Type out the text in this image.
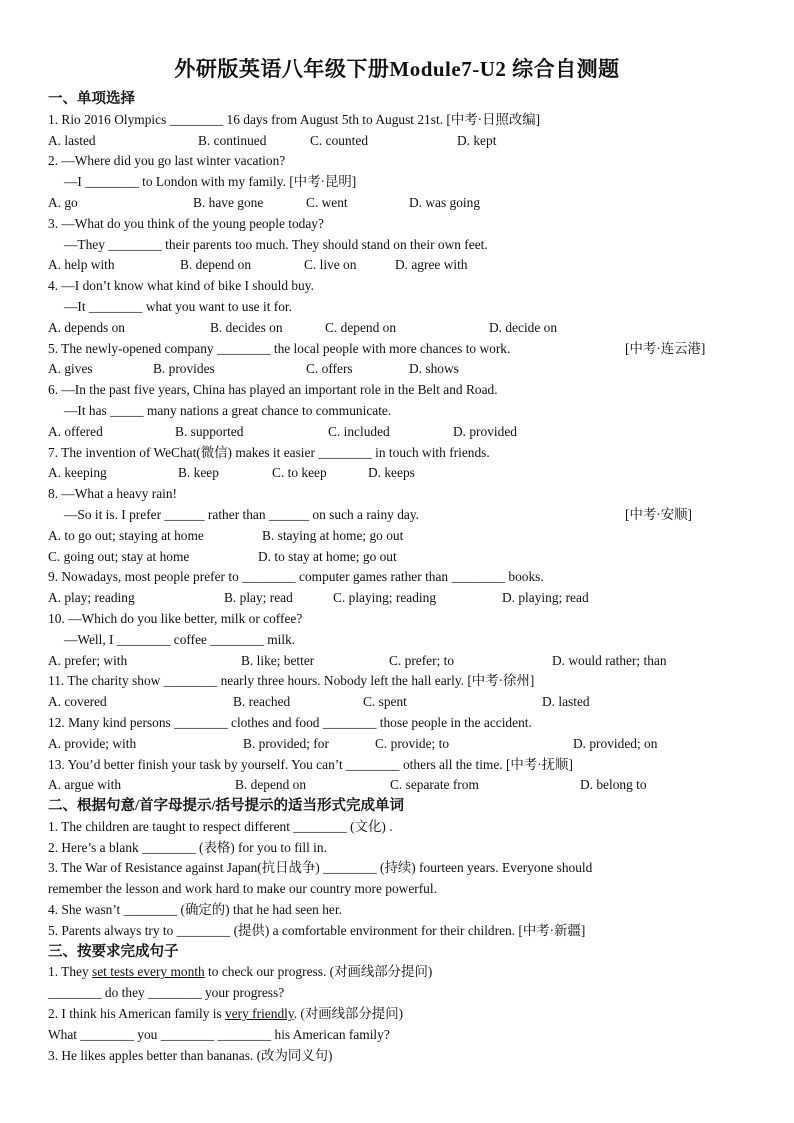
外研版英语八年级下册Module7-U2 综合自测题
一、单项选择
1. Rio 2016 Olympics ________ 16 days from August 5th to August 21st. [中考·日照改编]
A. lasted	B. continued	C. counted	D. kept
2. —Where did you go last winter vacation?
—I ________ to London with my family. [中考·昆明]
A. go	B. have gone	C. went	D. was going
3. —What do you think of the young people today?
—They ________ their parents too much. They should stand on their own feet.
A. help with	B. depend on	C. live on	D. agree with
4. —I don’t know what kind of bike I should buy.
—It ________ what you want to use it for.
A. depends on	B. decides on	C. depend on	D. decide on
5. The newly-opened company ________ the local people with more chances to work.	[中考·连云港]
A. gives	B. provides	C. offers	D. shows
6. —In the past five years, China has played an important role in the Belt and Road.
—It has _____ many nations a great chance to communicate.
A. offered	B. supported	C. included	D. provided
7. The invention of WeChat(微信) makes it easier ________ in touch with friends.
A. keeping	B. keep	C. to keep	D. keeps
8. —What a heavy rain!
—So it is. I prefer ______ rather than ______ on such a rainy day.	[中考·安顺]
A. to go out; staying at home	B. staying at home; go out
C. going out; stay at home	D. to stay at home; go out
9. Nowadays, most people prefer to ________ computer games rather than ________ books.
A. play; reading	B. play; read	C. playing; reading	D. playing; read
10. —Which do you like better, milk or coffee?
—Well, I ________ coffee ________ milk.
A. prefer; with	B. like; better	C. prefer; to	D. would rather; than
11. The charity show ________ nearly three hours. Nobody left the hall early. [中考·徐州]
A. covered	B. reached	C. spent	D. lasted
12. Many kind persons ________ clothes and food ________ those people in the accident.
A. provide; with	B. provided; for	C. provide; to	D. provided; on
13. You’d better finish your task by yourself. You can’t ________ others all the time. [中考·抚顺]
A. argue with	B. depend on	C. separate from	D. belong to
二、根据句意/首字母提示/括号提示的适当形式完成单词
1. The children are taught to respect different ________ (文化) .
2. Here’s a blank ________ (表格) for you to fill in.
3. The War of Resistance against Japan(抗日战争) ________ (持续) fourteen years. Everyone should
remember the lesson and work hard to make our country more powerful.
4. She wasn’t ________ (确定的) that he had seen her.
5. Parents always try to ________ (提供) a comfortable environment for their children. [中考·新疆]
三、按要求完成句子
1. They set tests every month to check our progress. (对画线部分提问)
________ do they ________ your progress?
2. I think his American family is very friendly. (对画线部分提问)
What ________ you ________ ________ his American family?
3. He likes apples better than bananas. (改为同义句)
